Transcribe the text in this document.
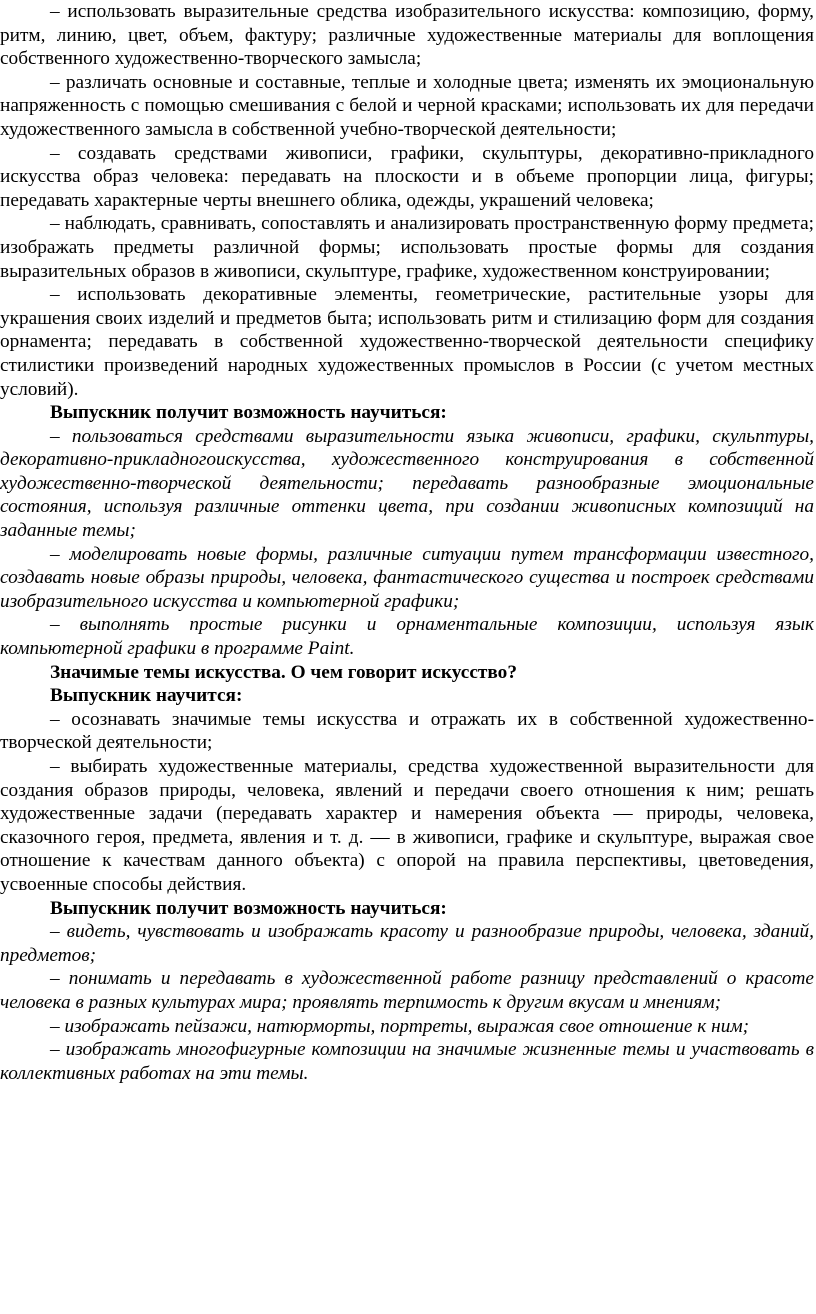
– использовать выразительные средства изобразительного искусства: композицию, форму, ритм, линию, цвет, объем, фактуру; различные художественные материалы для воплощения собственного художественно-творческого замысла;

– различать основные и составные, теплые и холодные цвета; изменять их эмоциональную напряженность с помощью смешивания с белой и черной красками; использовать их для передачи художественного замысла в собственной учебно-творческой деятельности;

– создавать средствами живописи, графики, скульптуры, декоративно-прикладного искусства образ человека: передавать на плоскости и в объеме пропорции лица, фигуры; передавать характерные черты внешнего облика, одежды, украшений человека;

– наблюдать, сравнивать, сопоставлять и анализировать пространственную форму предмета; изображать предметы различной формы; использовать простые формы для создания выразительных образов в живописи, скульптуре, графике, художественном конструировании;

– использовать декоративные элементы, геометрические, растительные узоры для украшения своих изделий и предметов быта; использовать ритм и стилизацию форм для создания орнамента; передавать в собственной художественно-творческой деятельности специфику стилистики произведений народных художественных промыслов в России (с учетом местных условий).

Выпускник получит возможность научиться:

– пользоваться средствами выразительности языка живописи, графики, скульптуры, декоративно-прикладногоискусства, художественного конструирования в собственной художественно-творческой деятельности; передавать разнообразные эмоциональные состояния, используя различные оттенки цвета, при создании живописных композиций на заданные темы;

– моделировать новые формы, различные ситуации путем трансформации известного, создавать новые образы природы, человека, фантастического существа и построек средствами изобразительного искусства и компьютерной графики;

– выполнять простые рисунки и орнаментальные композиции, используя язык компьютерной графики в программе Paint.

Значимые темы искусства. О чем говорит искусство?

Выпускник научится:

– осознавать значимые темы искусства и отражать их в собственной художественно-творческой деятельности;

– выбирать художественные материалы, средства художественной выразительности для создания образов природы, человека, явлений и передачи своего отношения к ним; решать художественные задачи (передавать характер и намерения объекта — природы, человека, сказочного героя, предмета, явления и т. д. — в живописи, графике и скульптуре, выражая свое отношение к качествам данного объекта) с опорой на правила перспективы, цветоведения, усвоенные способы действия.

Выпускник получит возможность научиться:

– видеть, чувствовать и изображать красоту и разнообразие природы, человека, зданий, предметов;

– понимать и передавать в художественной работе разницу представлений о красоте человека в разных культурах мира; проявлять терпимость к другим вкусам и мнениям;

– изображать пейзажи, натюрморты, портреты, выражая свое отношение к ним;

– изображать многофигурные композиции на значимые жизненные темы и участвовать в коллективных работах на эти темы.
